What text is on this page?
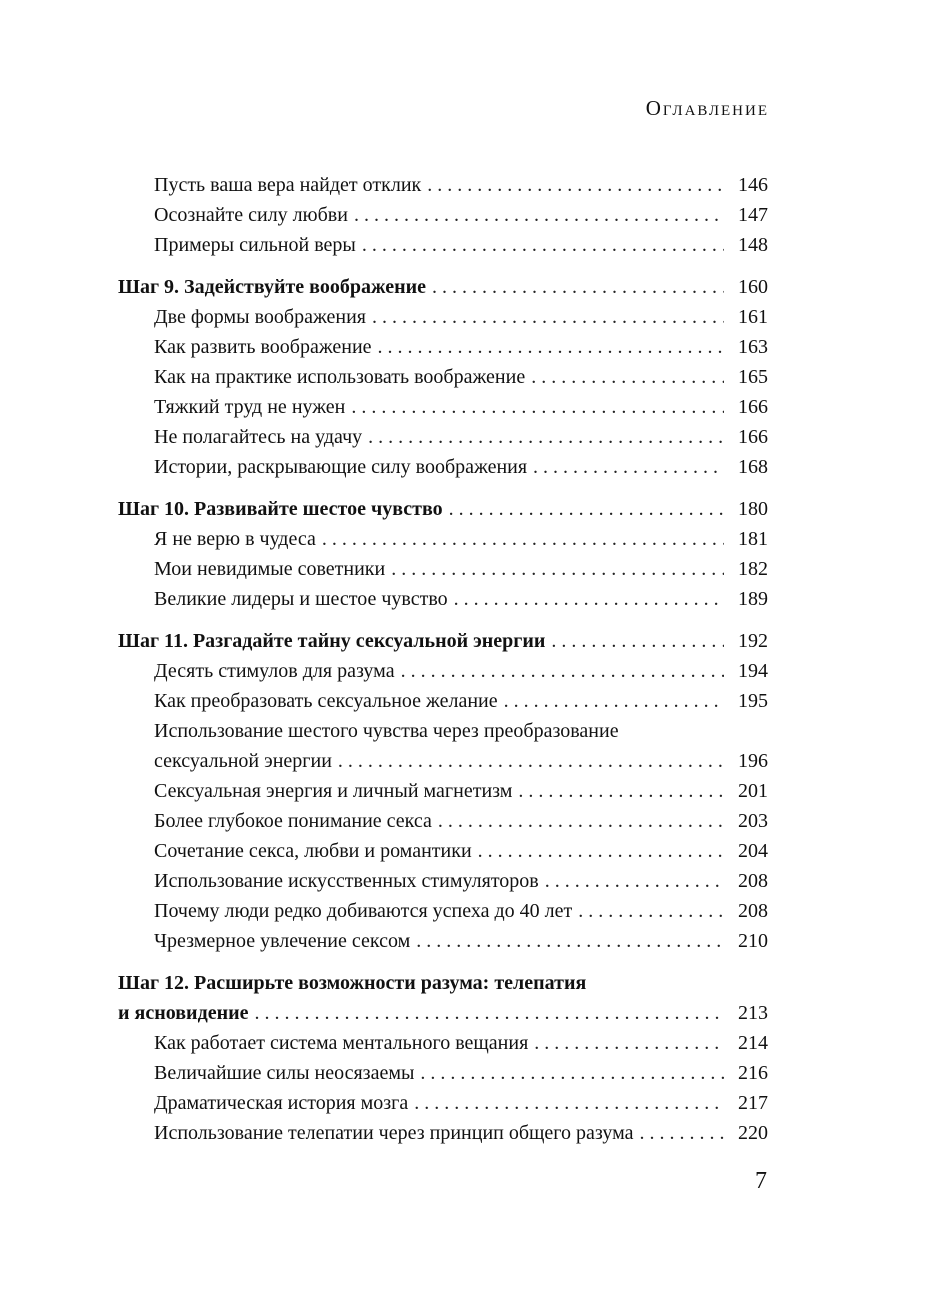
Оглавление
Пусть ваша вера найдет отклик . . .	146
Осознайте силу любви . . .	147
Примеры сильной веры . . .	148
Шаг 9. Задействуйте воображение . . .	160
Две формы воображения . . .	161
Как развить воображение . . .	163
Как на практике использовать воображение . . .	165
Тяжкий труд не нужен . . .	166
Не полагайтесь на удачу . . .	166
Истории, раскрывающие силу воображения . . .	168
Шаг 10. Развивайте шестое чувство . . .	180
Я не верю в чудеса . . .	181
Мои невидимые советники . . .	182
Великие лидеры и шестое чувство . . .	189
Шаг 11. Разгадайте тайну сексуальной энергии . . .	192
Десять стимулов для разума . . .	194
Как преобразовать сексуальное желание . . .	195
Использование шестого чувства через преобразование
сексуальной энергии . . .	196
Сексуальная энергия и личный магнетизм . . .	201
Более глубокое понимание секса . . .	203
Сочетание секса, любви и романтики . . .	204
Использование искусственных стимуляторов . . .	208
Почему люди редко добиваются успеха до 40 лет . . .	208
Чрезмерное увлечение сексом . . .	210
Шаг 12. Расширьте возможности разума: телепатия
и ясновидение . . .	213
Как работает система ментального вещания . . .	214
Величайшие силы неосязаемы . . .	216
Драматическая история мозга . . .	217
Использование телепатии через принцип общего разума . . .	220
7
